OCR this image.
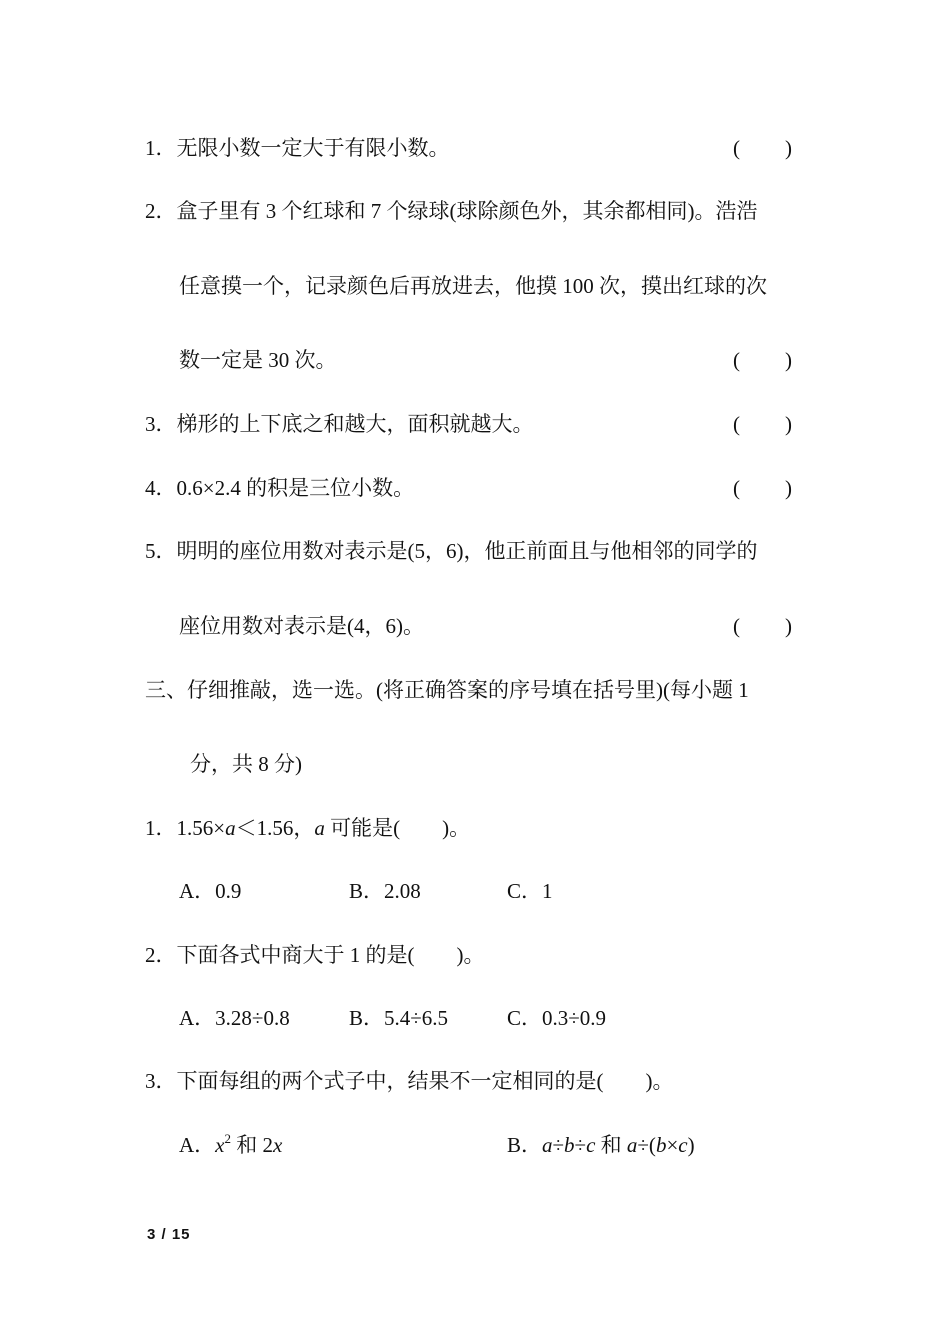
1．无限小数一定大于有限小数。	( )
2．盒子里有 3 个红球和 7 个绿球(球除颜色外，其余都相同)。浩浩
任意摸一个，记录颜色后再放进去，他摸 100 次，摸出红球的次
数一定是 30 次。	( )
3．梯形的上下底之和越大，面积就越大。	( )
4．0.6×2.4 的积是三位小数。	( )
5．明明的座位用数对表示是(5，6)，他正前面且与他相邻的同学的
座位用数对表示是(4，6)。	( )
三、仔细推敲，选一选。(将正确答案的序号填在括号里)(每小题 1
分，共 8 分)
1．1.56×a＜1.56，a 可能是(　　)。
A．0.9	B．2.08	C．1
2．下面各式中商大于 1 的是(　　)。
A．3.28÷0.8	B．5.4÷6.5	C．0.3÷0.9
3．下面每组的两个式子中，结果不一定相同的是(　　)。
A．$x^2$ 和 2x	B．a÷b÷c 和 a÷(b×c)
3 / 15
